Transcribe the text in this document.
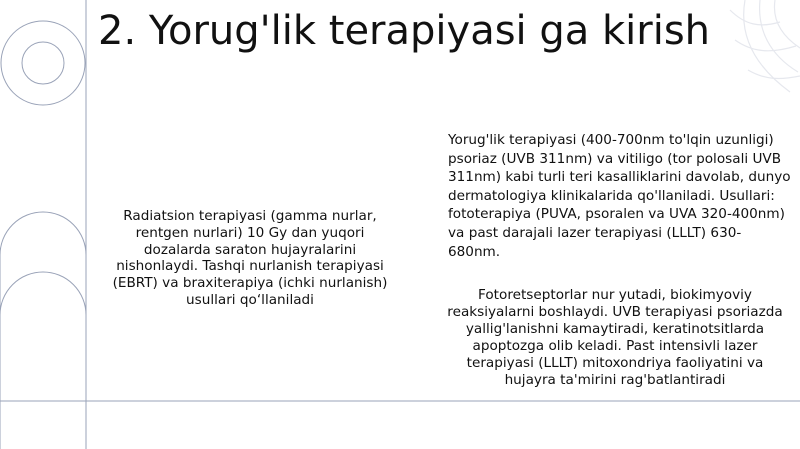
2. Yorug'lik terapiyasi ga kirish

Radiatsion terapiyasi (gamma nurlar, rentgen nurlari) 10 Gy dan yuqori dozalarda saraton hujayralarini nishonlaydi. Tashqi nurlanish terapiyasi (EBRT) va braxiterapiya (ichki nurlanish) usullari qo‘llaniladi

Yorug'lik terapiyasi (400-700nm to'lqin uzunligi) psoriaz (UVB 311nm) va vitiligo (tor polosali UVB 311nm) kabi turli teri kasalliklarini davolab, dunyo dermatologiya klinikalarida qo'llaniladi. Usullari: fototerapiya (PUVA, psoralen va UVA 320-400nm) va past darajali lazer terapiyasi (LLLT) 630-680nm.

Fotoretseptorlar nur yutadi, biokimyoviy reaksiyalarni boshlaydi. UVB terapiyasi psoriazda yallig'lanishni kamaytiradi, keratinotsitlarda apoptozga olib keladi. Past intensivli lazer terapiyasi (LLLT) mitoxondriya faoliyatini va hujayra ta'mirini rag'batlantiradi
